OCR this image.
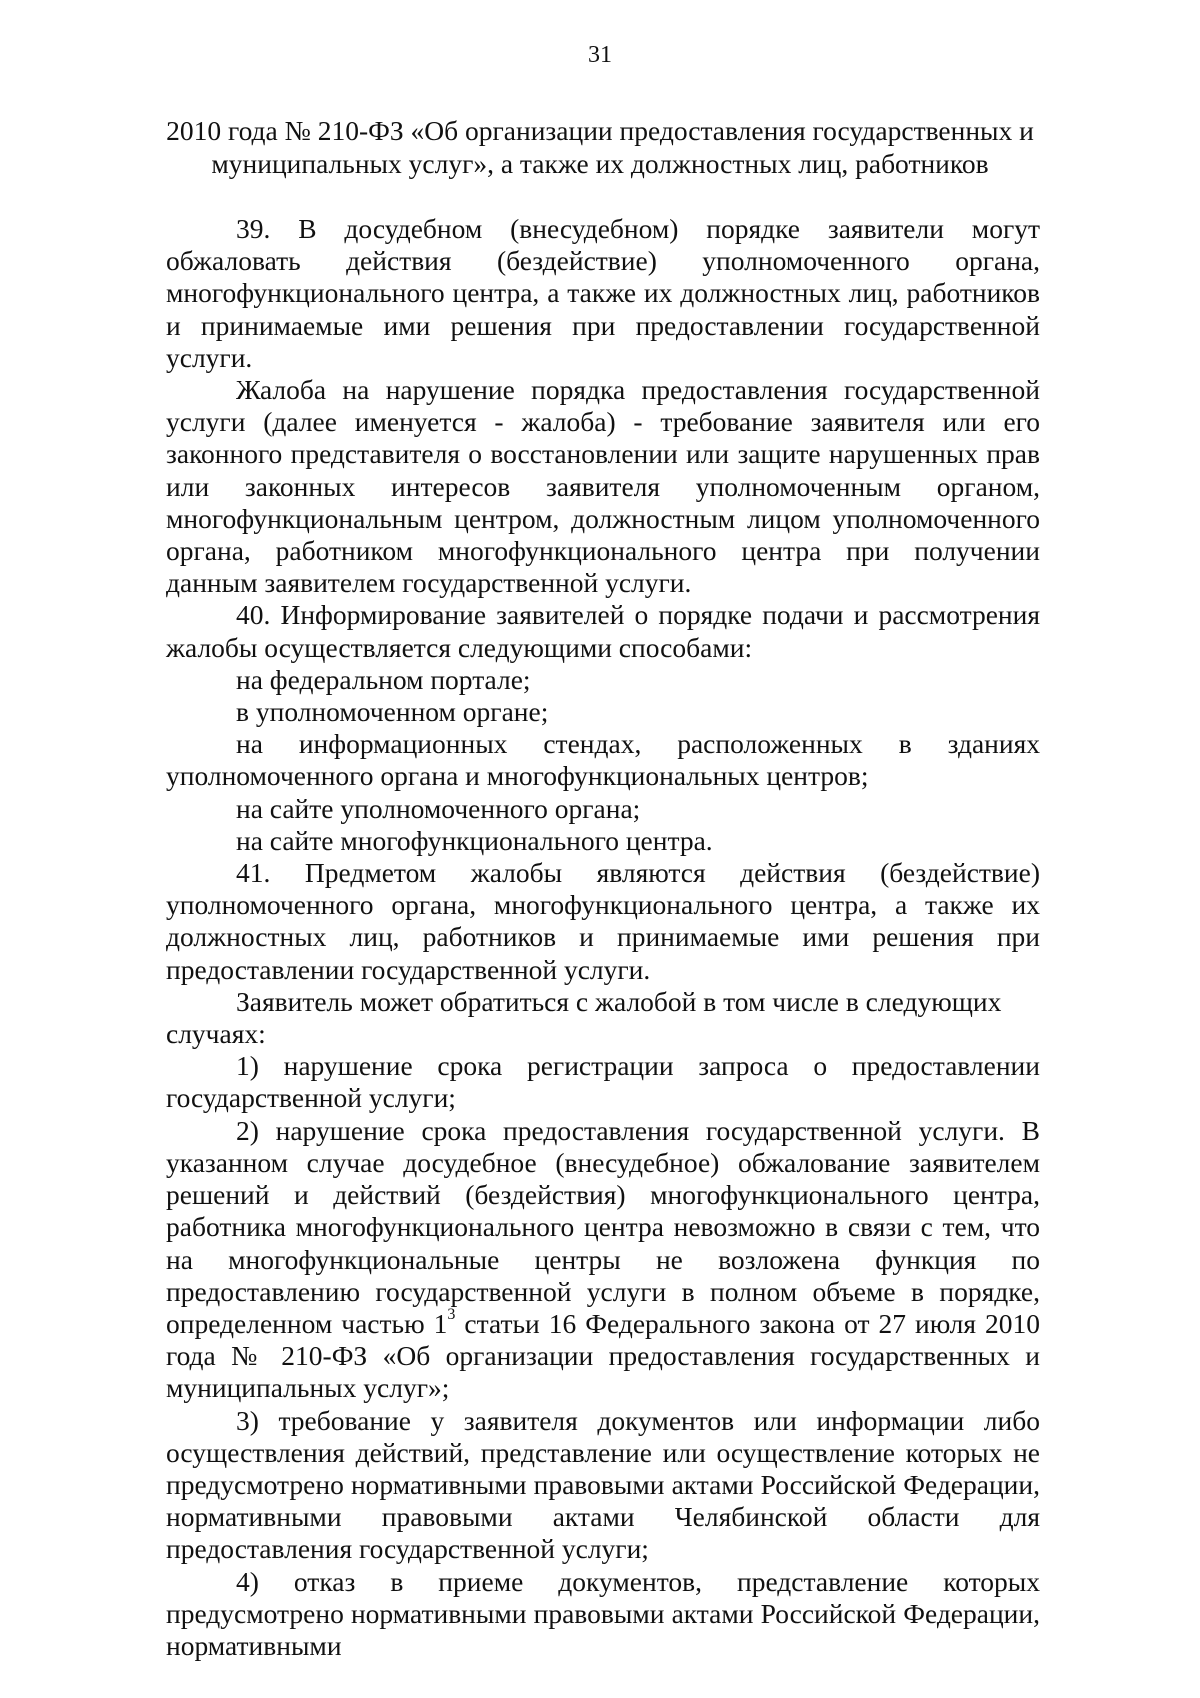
31
2010 года № 210-ФЗ «Об организации предоставления государственных и
муниципальных услуг», а также их должностных лиц, работников

39. В досудебном (внесудебном) порядке заявители могут обжаловать действия (бездействие) уполномоченного органа, многофункционального центра, а также их должностных лиц, работников и принимаемые ими решения при предоставлении государственной услуги.

Жалоба на нарушение порядка предоставления государственной услуги (далее именуется - жалоба) - требование заявителя или его законного представителя о восстановлении или защите нарушенных прав или законных интересов заявителя уполномоченным органом, многофункциональным центром, должностным лицом уполномоченного органа, работником многофункционального центра при получении данным заявителем государственной услуги.

40. Информирование заявителей о порядке подачи и рассмотрения жалобы осуществляется следующими способами:

на федеральном портале;

в уполномоченном органе;

на информационных стендах, расположенных в зданиях уполномоченного органа и многофункциональных центров;

на сайте уполномоченного органа;

на сайте многофункционального центра.

41. Предметом жалобы являются действия (бездействие) уполномоченного органа, многофункционального центра, а также их должностных лиц, работников и принимаемые ими решения при предоставлении государственной услуги.

Заявитель может обратиться с жалобой в том числе в следующих случаях:

1) нарушение срока регистрации запроса о предоставлении государственной услуги;

2) нарушение срока предоставления государственной услуги. В указанном случае досудебное (внесудебное) обжалование заявителем решений и действий (бездействия) многофункционального центра, работника многофункционального центра невозможно в связи с тем, что на многофункциональные центры не возложена функция по предоставлению государственной услуги в полном объеме в порядке, определенном частью $1^3$ статьи 16 Федерального закона от 27 июля 2010 года № 210-ФЗ «Об организации предоставления государственных и муниципальных услуг»;

3) требование у заявителя документов или информации либо осуществления действий, представление или осуществление которых не предусмотрено нормативными правовыми актами Российской Федерации, нормативными правовыми актами Челябинской области для предоставления государственной услуги;

4) отказ в приеме документов, представление которых предусмотрено нормативными правовыми актами Российской Федерации, нормативными
